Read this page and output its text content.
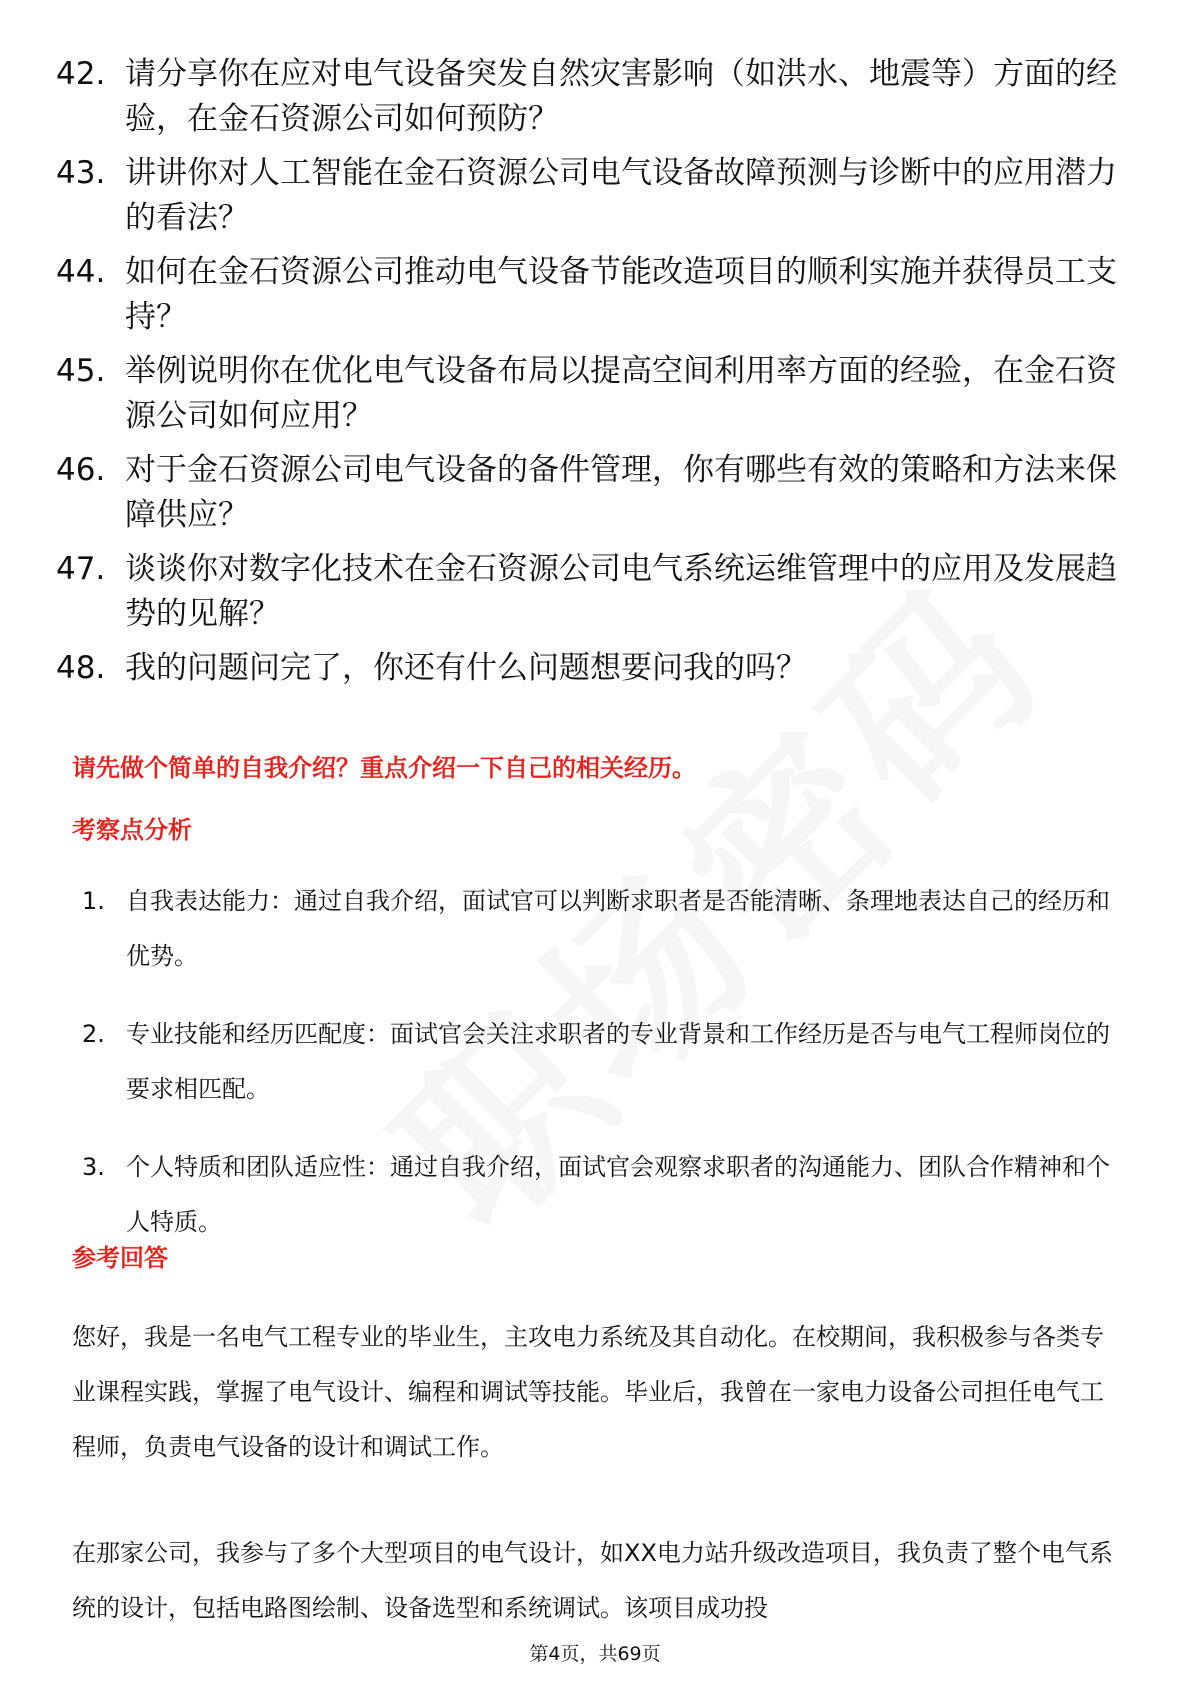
42. 请分享你在应对电气设备突发自然灾害影响（如洪水、地震等）方面的经验，在金石资源公司如何预防？
43. 讲讲你对人工智能在金石资源公司电气设备故障预测与诊断中的应用潜力的看法？
44. 如何在金石资源公司推动电气设备节能改造项目的顺利实施并获得员工支持？
45. 举例说明你在优化电气设备布局以提高空间利用率方面的经验，在金石资源公司如何应用？
46. 对于金石资源公司电气设备的备件管理，你有哪些有效的策略和方法来保障供应？
47. 谈谈你对数字化技术在金石资源公司电气系统运维管理中的应用及发展趋势的见解？
48. 我的问题问完了，你还有什么问题想要问我的吗？
请先做个简单的自我介绍？重点介绍一下自己的相关经历。
考察点分析
1. 自我表达能力：通过自我介绍，面试官可以判断求职者是否能清晰、条理地表达自己的经历和优势。
2. 专业技能和经历匹配度：面试官会关注求职者的专业背景和工作经历是否与电气工程师岗位的要求相匹配。
3. 个人特质和团队适应性：通过自我介绍，面试官会观察求职者的沟通能力、团队合作精神和个人特质。
参考回答
您好，我是一名电气工程专业的毕业生，主攻电力系统及其自动化。在校期间，我积极参与各类专业课程实践，掌握了电气设计、编程和调试等技能。毕业后，我曾在一家电力设备公司担任电气工程师，负责电气设备的设计和调试工作。
在那家公司，我参与了多个大型项目的电气设计，如XX电力站升级改造项目，我负责了整个电气系统的设计，包括电路图绘制、设备选型和系统调试。该项目成功投
第4页，共69页
